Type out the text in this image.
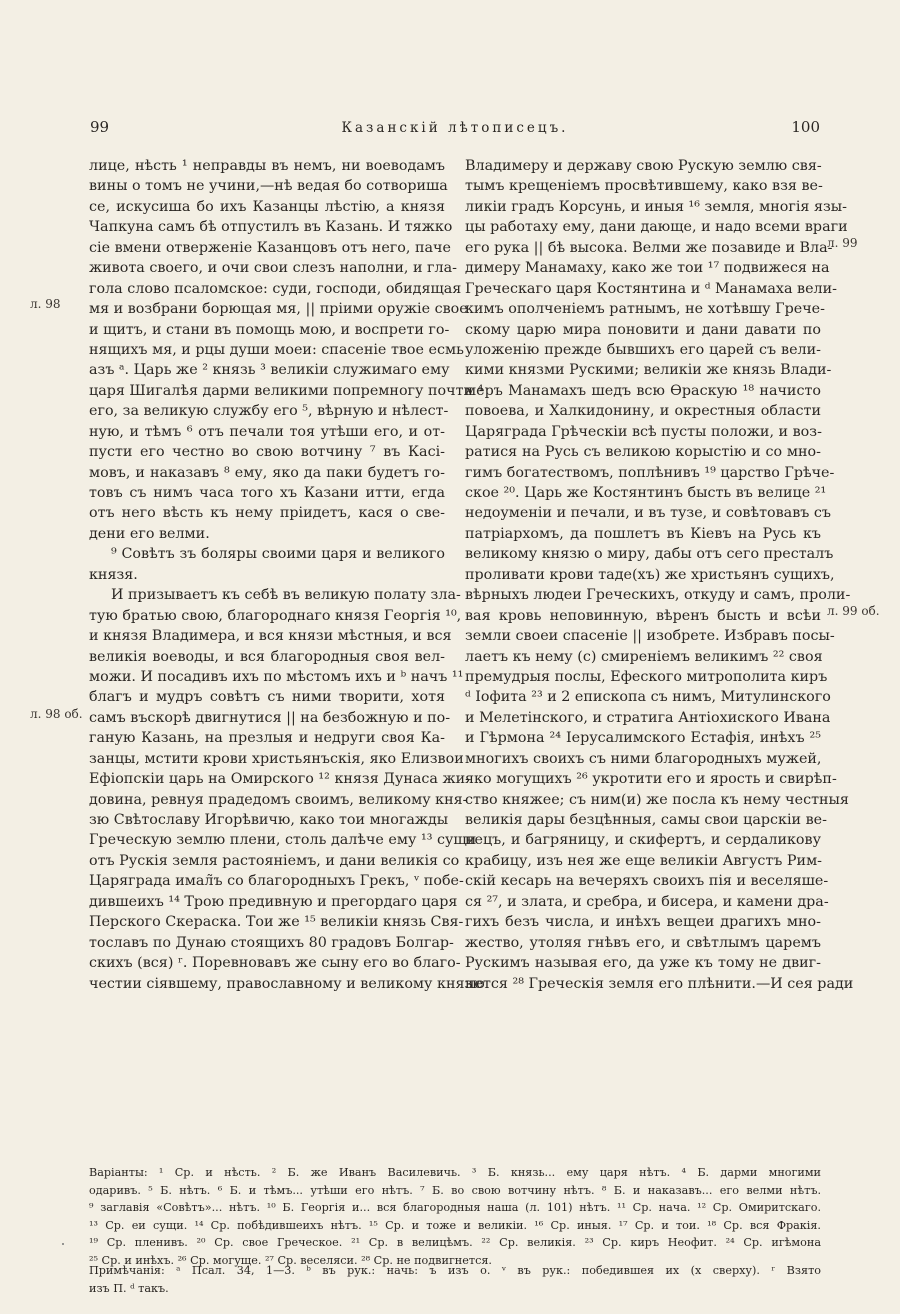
99	Казанскій лѣтописецъ.	100
лице, нѣсть ¹ неправды въ немъ, ни воеводамъ
вины о томъ не учини,—нѣ ведая бо сотвориша
се, искусиша бо ихъ Казанцы лѣстію, а князя
Чапкуна самъ бѣ отпустилъ въ Казань. И тяжко
сіе вмени отверженіе Казанцовъ отъ него, паче
живота своего, и очи свои слезъ наполни, и гла-
гола слово псаломское: суди, господи, обидящая
мя и возбрани борющая мя, || пріими оружіе свое
и щитъ, и стани въ помощь мою, и воспрети го-
нящихъ мя, и рцы души моеи: спасеніе твое есмь
азъ ᵃ. Царь же ² князь ³ великіи служимаго ему
царя Шигалѣя дарми великими попремногу почти ⁴
его, за великую службу его ⁵, вѣрную и нѣлест-
ную, и тѣмъ ⁶ отъ печали тоя утѣши его, и от-
пусти его честно во свою вотчину ⁷ въ Касі-
мовъ, и наказавъ ⁸ ему, яко да паки будетъ го-
товъ съ нимъ часа того хъ Казани итти, егда
отъ него вѣсть къ нему пріидетъ, кася о све-
дени его велми.
⁹ Совѣтъ зъ боляры своими царя и великого
князя.
И призываетъ къ себѣ въ великую полату зла-
тую братью свою, благороднаго князя Георгія ¹⁰,
и князя Владимера, и вся князи мѣстныя, и вся
великія воеводы, и вся благородныя своя вел-
можи. И посадивъ ихъ по мѣстомъ ихъ и ᵇ начъ ¹¹
благъ и мудръ совѣтъ съ ними творити, хотя
самъ въскорѣ двигнутися || на безбожную и по-
ганую Казань, на презлыя и недруги своя Ка-
занцы, мстити крови христьянъскія, яко Елизвои
Ефіопскіи царь на Омирского ¹² князя Дунаса жи-
довина, ревнуя прадедомъ своимъ, великому кня-
зю Свѣтославу Игорѣвичю, како тои многажды
Греческую землю плени, столь далѣче ему ¹³ сущи
отъ Рускія земля растояніемъ, и дани великія со
Царяграда имал̃ъ со благородныхъ Грекъ, ᵛ побе-
дившеихъ ¹⁴ Трою предивную и прегордаго царя
Перского Скераска. Тои же ¹⁵ великіи князь Свя-
тославъ по Дунаю стоящихъ 80 градовъ Болгар-
скихъ (вся) ʳ. Поревновавъ же сыну его во благо-
честии сіявшему, православному и великому князю
Владимеру и державу свою Рускую землю свя-
тымъ крещеніемъ просвѣтившему, како взя ве-
ликіи градъ Корсунь, и иныя ¹⁶ земля, многія язы-
цы работаху ему, дани дающе, и надо всеми враги
его рука || бѣ высока. Велми же позавиде и Вла-
димеру Манамаху, како же тои ¹⁷ подвижеся на
Греческаго царя Костянтина и ᵈ Манамаха вели-
кимъ ополченіемъ ратнымъ, не хотѣвшу Грече-
скому царю мира поновити и дани давати по
уложенію прежде бывшихъ его царей съ вели-
кими князми Рускими; великіи же князь Влади-
меръ Манамахъ шедъ всю Ѳраскую ¹⁸ начисто
повоева, и Халкидонину, и окрестныя области
Царяграда Грѣческіи всѣ пусты положи, и воз-
ратися на Русь съ великою корыстію и со мно-
гимъ богатествомъ, поплѣнивъ ¹⁹ царство Грѣче-
ское ²⁰. Царь же Костянтинъ бысть въ велице ²¹
недоуменіи и печали, и въ тузе, и совѣтовавъ съ
патріархомъ, да пошлетъ въ Кіевъ на Русь къ
великому князю о миру, дабы отъ сего престалъ
проливати крови таде(хъ) же христьянъ сущихъ,
вѣрныхъ людеи Греческихъ, откуду и самъ, проли-
вая кровь неповинную, вѣренъ бысть и всѣи
земли своеи спасеніе || изобрете. Избравъ посы-
лаетъ къ нему (с) смиреніемъ великимъ ²² своя
премудрыя послы, Ефеского митрополита киръ
ᵈ Іофита ²³ и 2 епископа съ нимъ, Митулинского
и Мелетінского, и стратига Антіохиского Ивана
и Гѣрмона ²⁴ Іерусалимского Естафія, инѣхъ ²⁵
многихъ своихъ съ ними благородныхъ мужей,
яко могущихъ ²⁶ укротити его и ярость и свирѣп-
ство княжее; съ ним(и) же посла къ нему честныя
великія дары безцѣнныя, самы свои царскіи ве-
нецъ, и багряницу, и скифертъ, и сердаликову
крабицу, изъ нея же еще великіи Августъ Рим-
скій кесарь на вечеряхъ своихъ пія и веселяше-
ся ²⁷, и злата, и сребра, и бисера, и камени дра-
гихъ безъ числа, и инѣхъ вещеи драгихъ мно-
жество, утоляя гнѣвъ его, и свѣтлымъ царемъ
Рускимъ называя его, да уже къ тому не двиг-
нется ²⁸ Греческія земля его плѣнити.—И сея ради
л. 98
л. 98 об.
л. 99
л. 99 об.
Варіанты: ¹ Ср. и нѣсть. ² Б. же Иванъ Василевичь. ³ Б. князь... ему царя нѣтъ. ⁴ Б. дарми многими
одаривъ. ⁵ Б. нѣтъ. ⁶ Б. и тѣмъ... утѣши его нѣтъ. ⁷ Б. во свою вотчину нѣтъ. ⁸ Б. и наказавъ... его велми нѣтъ.
⁹ заглавія «Совѣтъ»... нѣтъ. ¹⁰ Б. Георгія и... вся благородныя наша (л. 101) нѣтъ. ¹¹ Ср. нача. ¹² Ср. Омиритскаго.
¹³ Ср. еи сущи. ¹⁴ Ср. побѣдившеихъ нѣтъ. ¹⁵ Ср. и тоже и великіи. ¹⁶ Ср. иныя. ¹⁷ Ср. и тои. ¹⁸ Ср. вся Фракія.
¹⁹ Ср. пленивъ. ²⁰ Ср. свое Греческое. ²¹ Ср. в велицѣмъ. ²² Ср. великія. ²³ Ср. киръ Неофит. ²⁴ Ср. игѣмона
²⁵ Ср. и инѣхъ. ²⁶ Ср. могуще. ²⁷ Ср. веселяси. ²⁸ Ср. не подвигнется.
Примѣчанія: ᵃ Псал. 34, 1—3. ᵇ въ рук.: начь: ъ изъ о. ᵛ въ рук.: победившея их (х сверху). ʳ Взято
изъ П. ᵈ такъ.
